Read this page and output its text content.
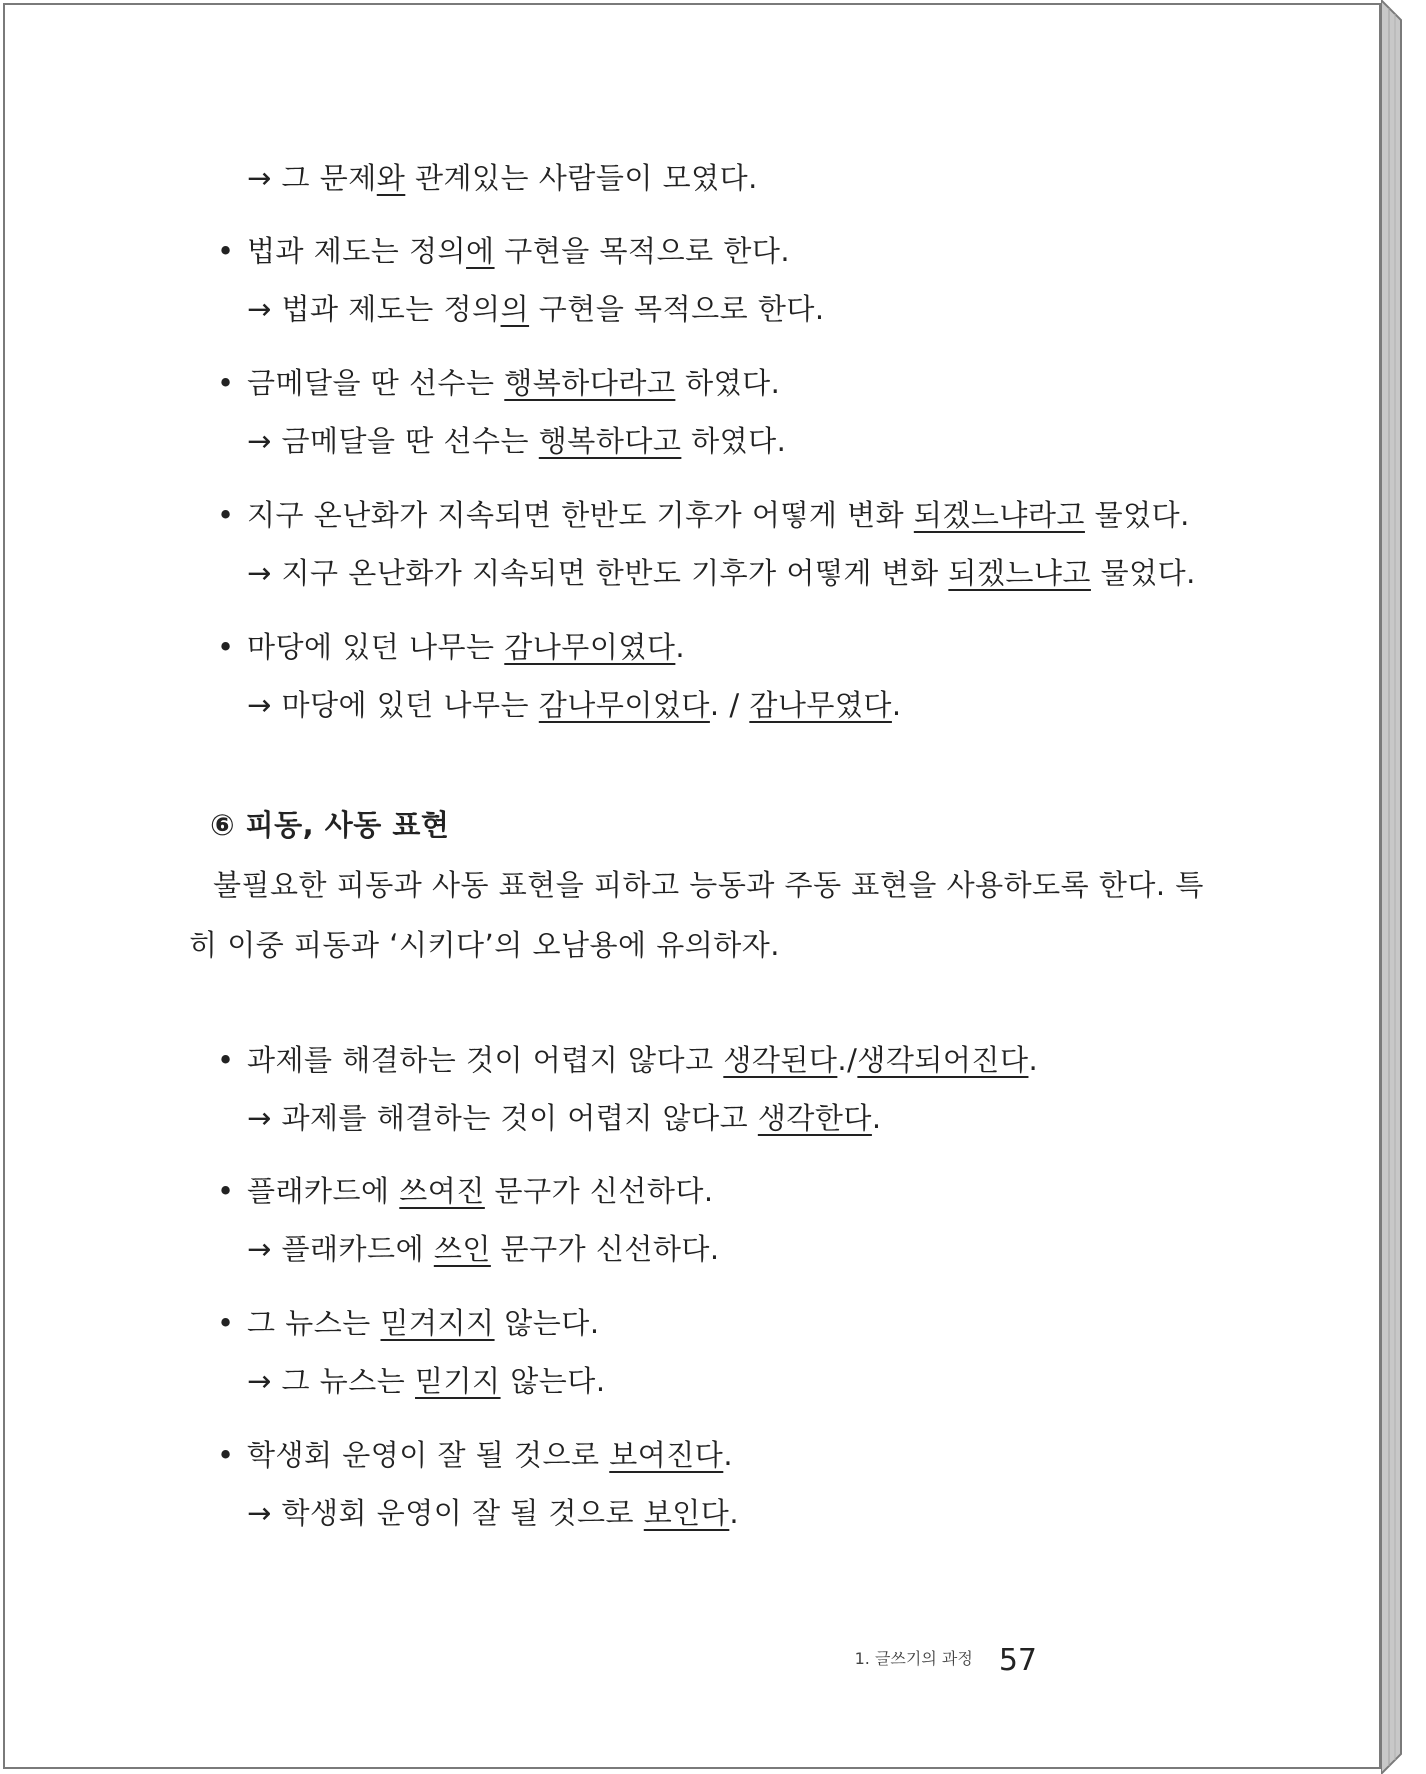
→ 그 문제와 관계있는 사람들이 모였다.
• 법과 제도는 정의에 구현을 목적으로 한다.
→ 법과 제도는 정의의 구현을 목적으로 한다.
• 금메달을 딴 선수는 행복하다라고 하였다.
→ 금메달을 딴 선수는 행복하다고 하였다.
• 지구 온난화가 지속되면 한반도 기후가 어떻게 변화 되겠느냐라고 물었다.
→ 지구 온난화가 지속되면 한반도 기후가 어떻게 변화 되겠느냐고 물었다.
• 마당에 있던 나무는 감나무이였다.
→ 마당에 있던 나무는 감나무이었다. / 감나무였다.
⑥ 피동, 사동 표현
불필요한 피동과 사동 표현을 피하고 능동과 주동 표현을 사용하도록 한다. 특
히 이중 피동과 ‘시키다’의 오남용에 유의하자.
• 과제를 해결하는 것이 어렵지 않다고 생각된다./생각되어진다.
→ 과제를 해결하는 것이 어렵지 않다고 생각한다.
• 플래카드에 쓰여진 문구가 신선하다.
→ 플래카드에 쓰인 문구가 신선하다.
• 그 뉴스는 믿겨지지 않는다.
→ 그 뉴스는 믿기지 않는다.
• 학생회 운영이 잘 될 것으로 보여진다.
→ 학생회 운영이 잘 될 것으로 보인다.
1. 글쓰기의 과정 57
